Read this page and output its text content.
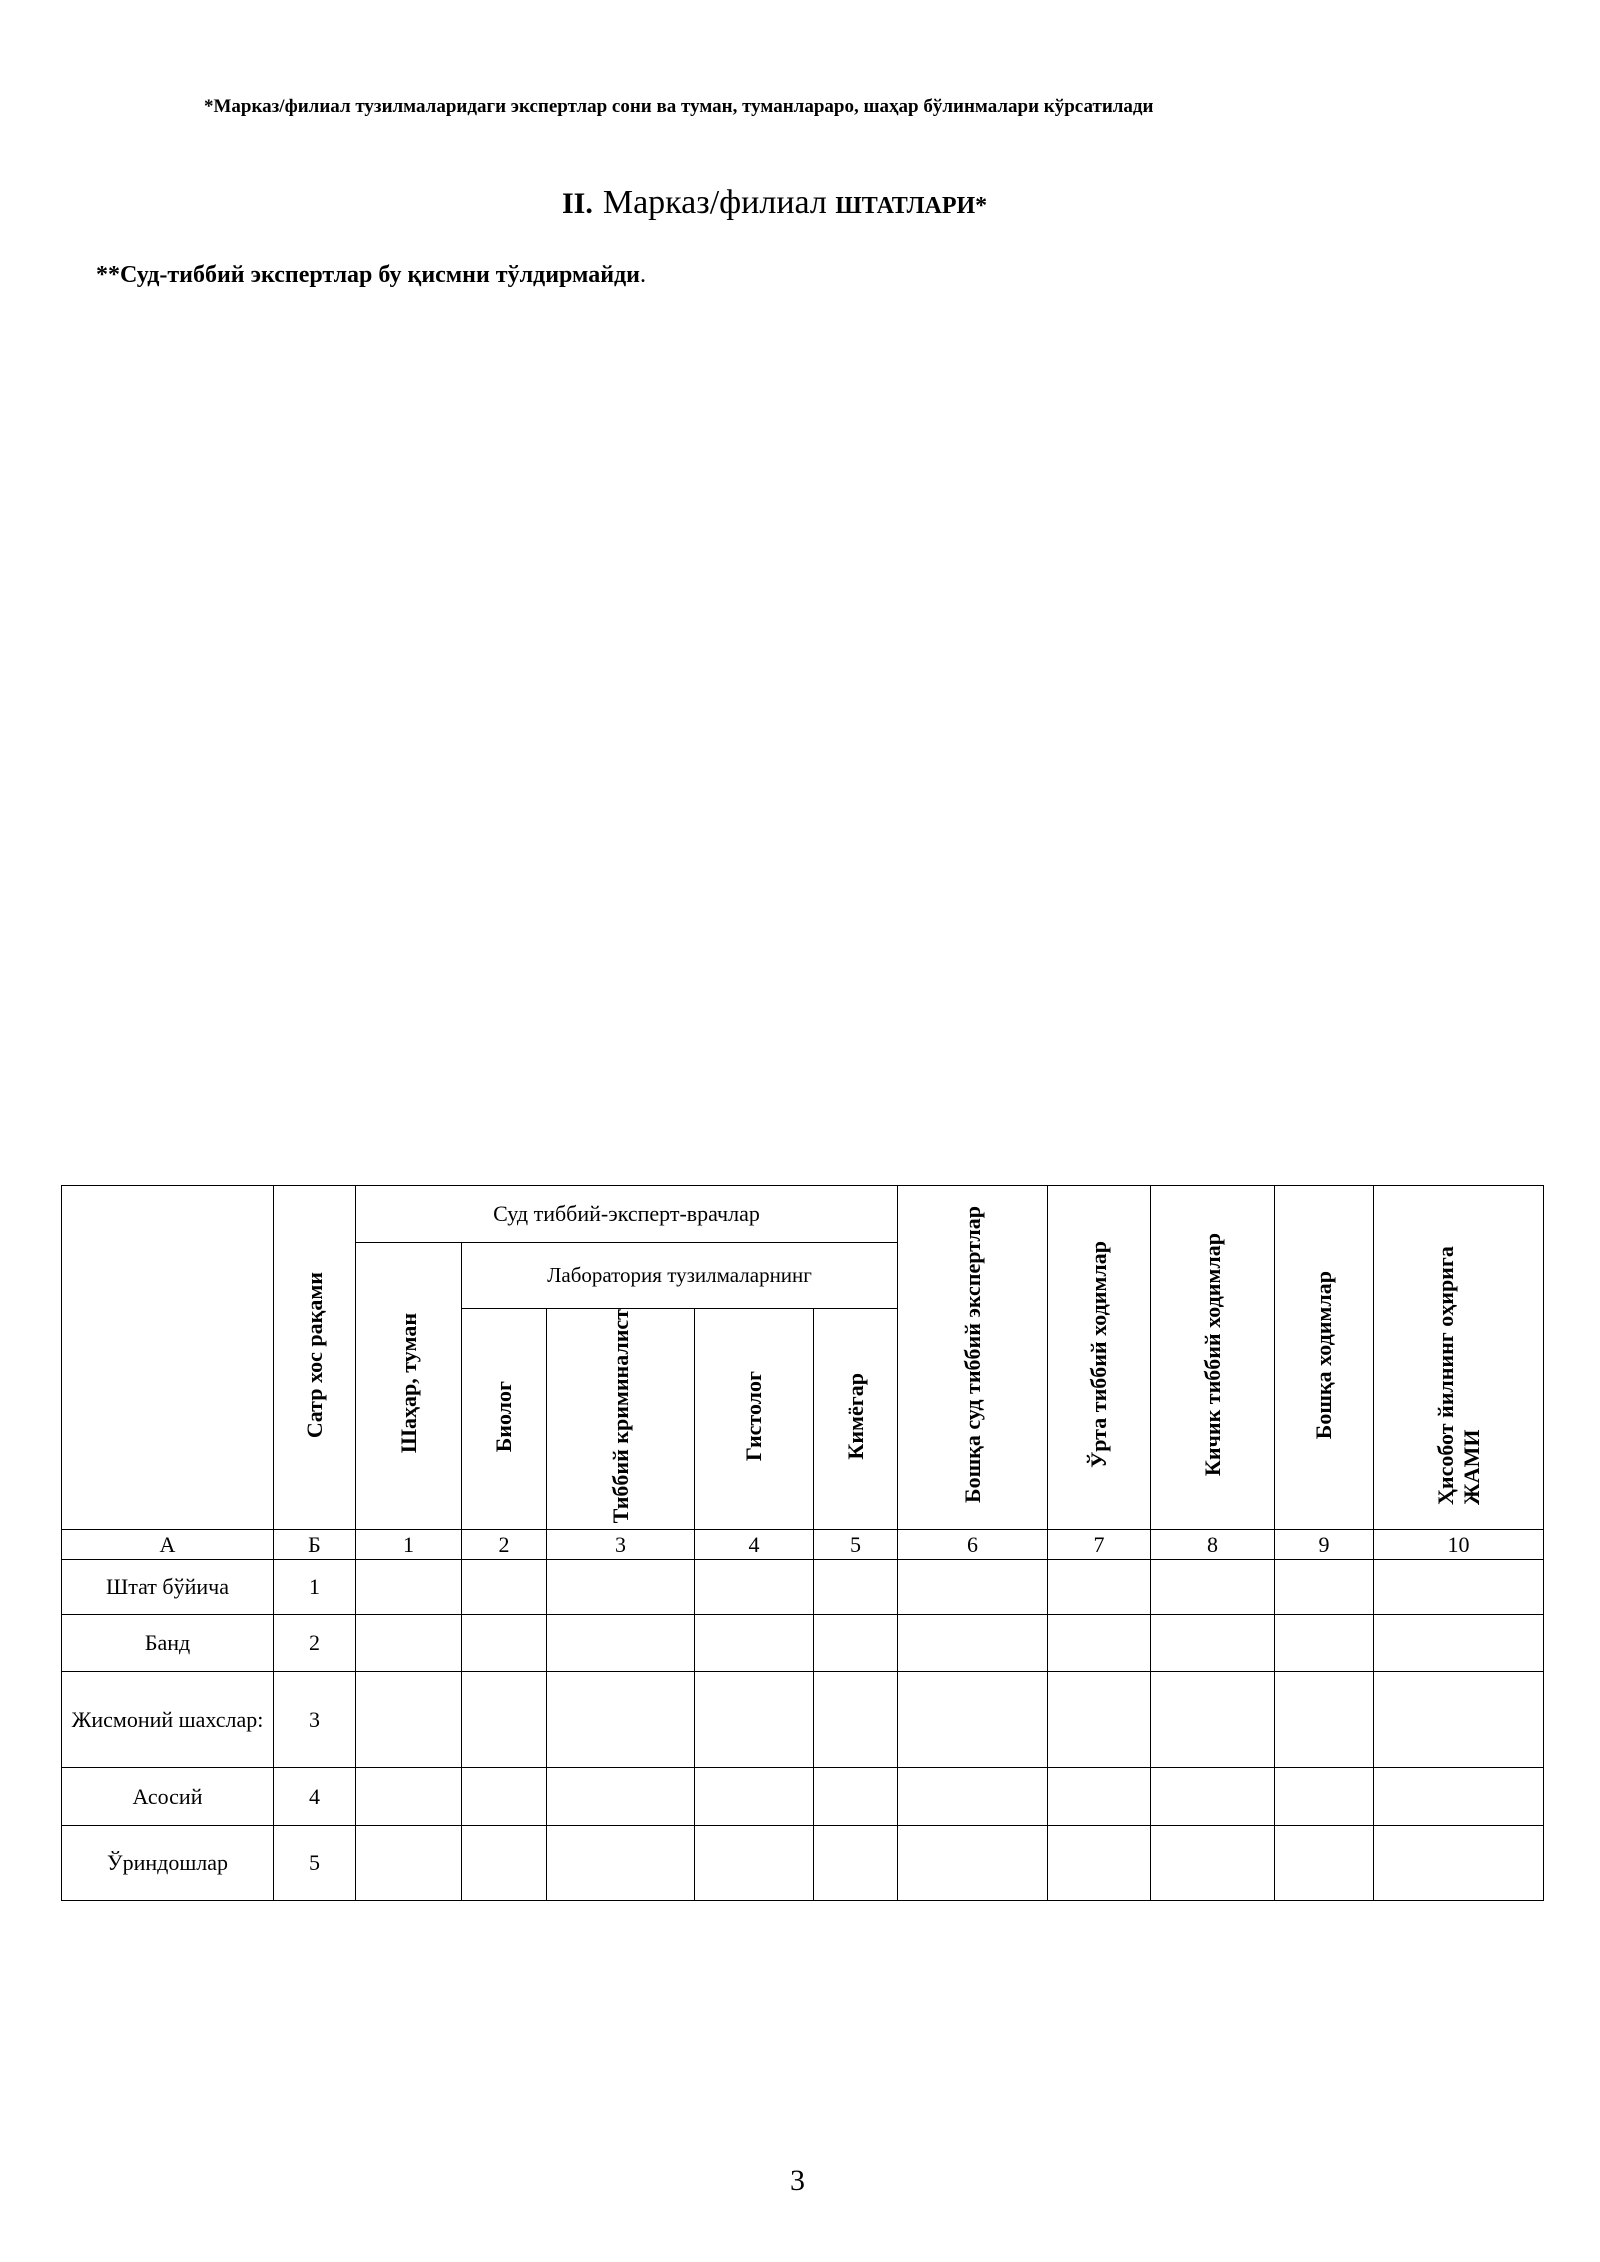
*Марказ/филиал тузилмаларидаги экспертлар сони ва туман, туманлараро, шаҳар бўлинмалари кўрсатилади
II. Марказ/филиал ШТАТЛАРИ*
**Суд-тиббий экспертлар бу қисмни тўлдирмайди.
	Сатр хос рақами	Суд тиббий-эксперт-врачлар					Бошқа суд тиббий экспертлар	Ўрта тиббий ходимлар	Кичик тиббий ходимлар	Бошқа ходимлар	Ҳисобот йилнинг оҳирига ЖАМИ
		Шаҳар, туман	Лаборатория тузилмаларнинг								
			Биолог	Тиббий криминалист	Гистолог	Кимёгар					
А	Б	1	2	3	4	5	6	7	8	9	10
Штат бўйича	1										
Банд	2										
Жисмоний шахслар:	3										
Асосий	4										
Ўриндошлар	5										
3
